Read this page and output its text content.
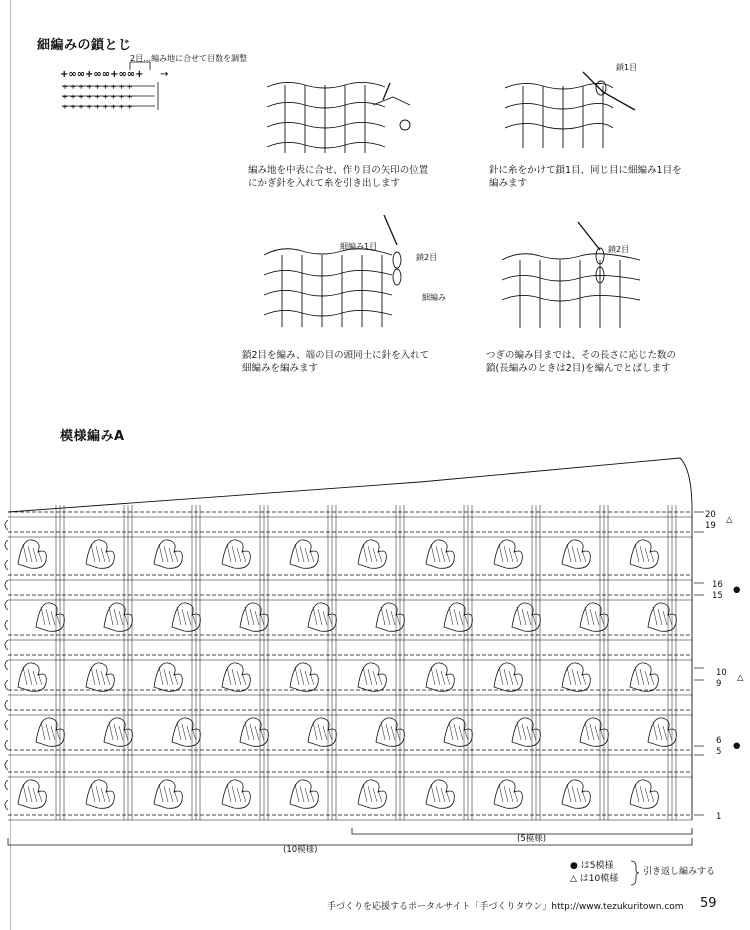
細編みの鎖とじ
2目…編み地に合せて目数を調整
+∞∞+∞∞+∞∞+ →
+ + + + + + + + +
+ + + + + + + + +
+ + + + + + + + +
編み地を中表に合せ、作り目の矢印の位置
にかぎ針を入れて糸を引き出します
鎖1目
針に糸をかけて鎖1目、同じ目に細編み1目を
編みます
細編み1目
鎖2目
細編み
鎖2目を編み、端の目の頭同士に針を入れて
細編みを編みます
鎖2目
つぎの編み目までは、その長さに応じた数の
鎖(長編みのときは2目)を編んでとばします
模様編みA
20
19
△
16
15
●
10
9
△
6
5
●
1
(5模様)
(10模様)
● は5模様
△ は10模様
引き返し編みする
手づくりを応援するポータルサイト「手づくりタウン」http://www.tezukuritown.com 59
